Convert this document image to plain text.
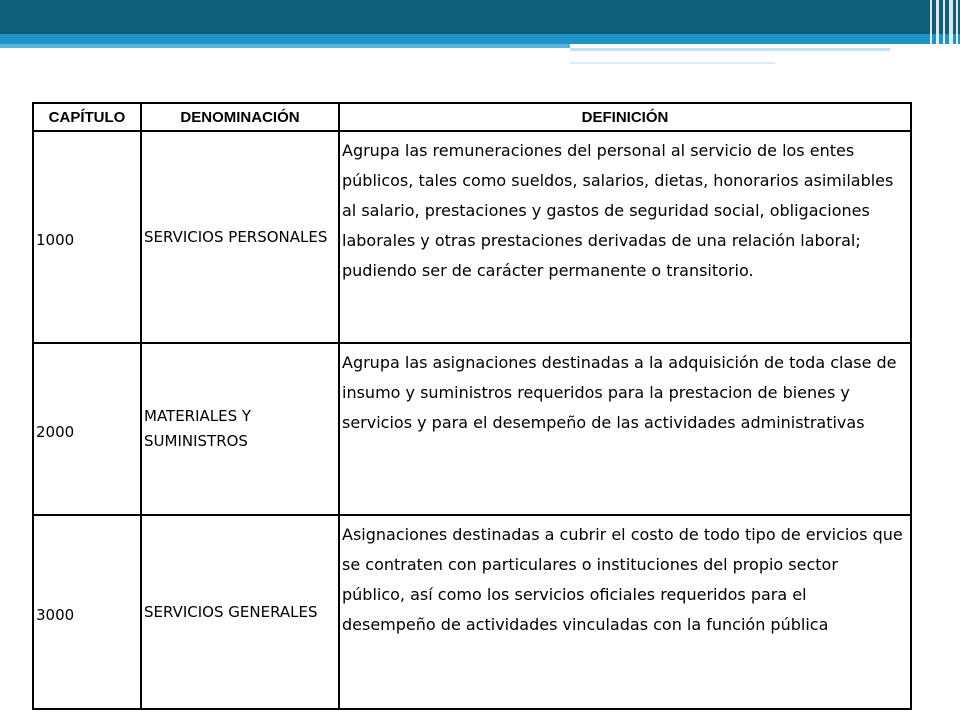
CAPÍTULO	DENOMINACIÓN	DEFINICIÓN
1000	SERVICIOS PERSONALES	Agrupa las remuneraciones del personal al servicio de los entes públicos, tales como sueldos, salarios, dietas, honorarios asimilables al salario, prestaciones y gastos de seguridad social, obligaciones laborales y otras prestaciones derivadas de una relación laboral; pudiendo ser de carácter permanente o transitorio.
2000	MATERIALES Y SUMINISTROS	Agrupa las asignaciones destinadas a la adquisición de toda clase de insumo y suministros requeridos para la prestacion de bienes y servicios y para el desempeño de las actividades administrativas
3000	SERVICIOS GENERALES	Asignaciones destinadas a cubrir el costo de todo tipo de ervicios que se contraten con particulares o instituciones del propio sector público, así como los servicios oficiales requeridos para el desempeño de actividades vinculadas con la función pública
